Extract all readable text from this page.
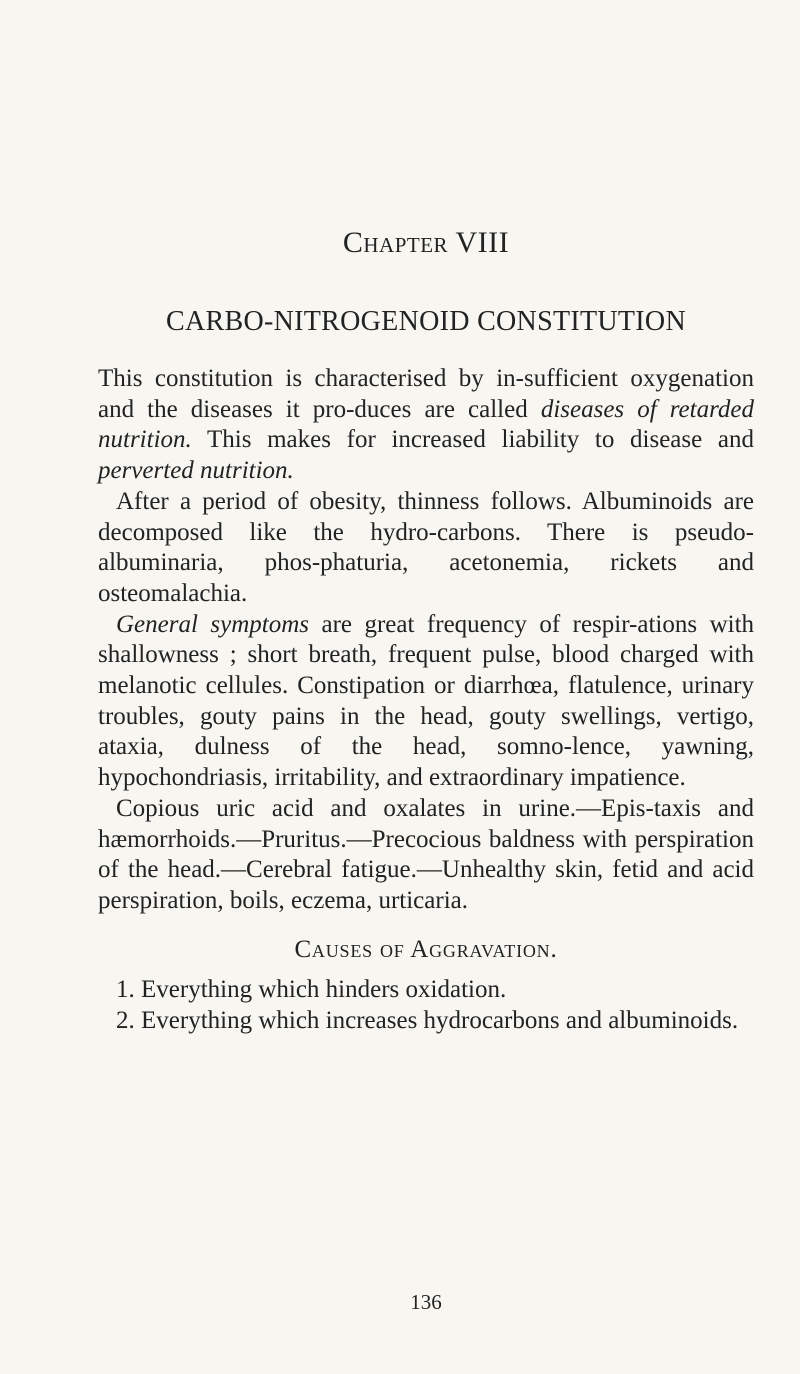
Chapter VIII
CARBO-NITROGENOID CONSTITUTION

This constitution is characterised by in-sufficient oxygenation and the diseases it pro-duces are called diseases of retarded nutrition. This makes for increased liability to disease and perverted nutrition.

After a period of obesity, thinness follows. Albuminoids are decomposed like the hydro-carbons. There is pseudo-albuminaria, phos-phaturia, acetonemia, rickets and osteomalachia.

General symptoms are great frequency of respir-ations with shallowness ; short breath, frequent pulse, blood charged with melanotic cellules. Constipation or diarrhœa, flatulence, urinary troubles, gouty pains in the head, gouty swellings, vertigo, ataxia, dulness of the head, somno-lence, yawning, hypochondriasis, irritability, and extraordinary impatience.

Copious uric acid and oxalates in urine.—Epis-taxis and hæmorrhoids.—Pruritus.—Precocious baldness with perspiration of the head.—Cerebral fatigue.—Unhealthy skin, fetid and acid perspiration, boils, eczema, urticaria.

Causes of Aggravation.

1. Everything which hinders oxidation.

2. Everything which increases hydrocarbons and albuminoids.

136
